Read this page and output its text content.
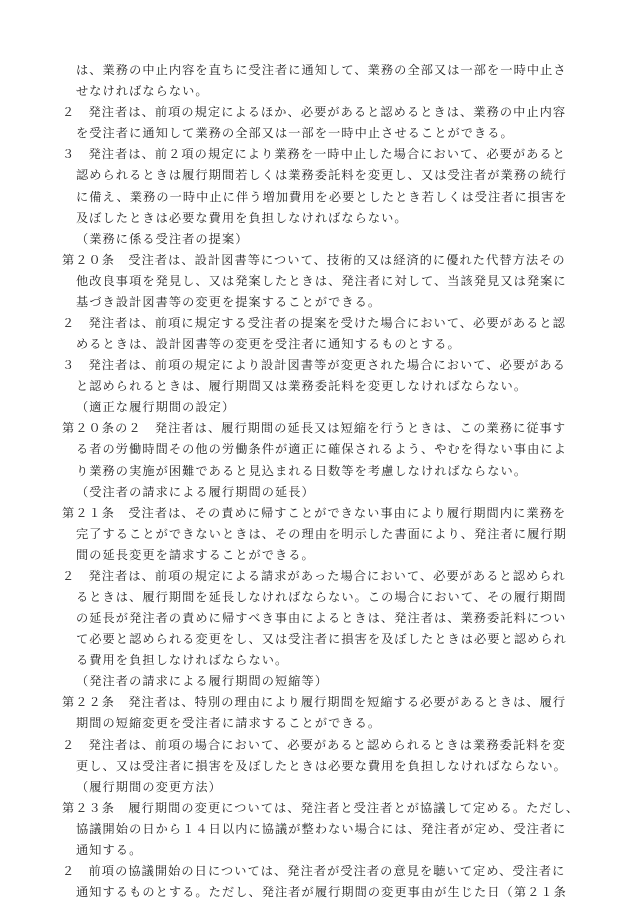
は、業務の中止内容を直ちに受注者に通知して、業務の全部又は一部を一時中止さ
せなければならない。
２　発注者は、前項の規定によるほか、必要があると認めるときは、業務の中止内容
を受注者に通知して業務の全部又は一部を一時中止させることができる。
３　発注者は、前２項の規定により業務を一時中止した場合において、必要があると
認められるときは履行期間若しくは業務委託料を変更し、又は受注者が業務の続行
に備え、業務の一時中止に伴う増加費用を必要としたとき若しくは受注者に損害を
及ぼしたときは必要な費用を負担しなければならない。
（業務に係る受注者の提案）
第２０条　受注者は、設計図書等について、技術的又は経済的に優れた代替方法その
他改良事項を発見し、又は発案したときは、発注者に対して、当該発見又は発案に
基づき設計図書等の変更を提案することができる。
２　発注者は、前項に規定する受注者の提案を受けた場合において、必要があると認
めるときは、設計図書等の変更を受注者に通知するものとする。
３　発注者は、前項の規定により設計図書等が変更された場合において、必要がある
と認められるときは、履行期間又は業務委託料を変更しなければならない。
（適正な履行期間の設定）
第２０条の２　発注者は、履行期間の延長又は短縮を行うときは、この業務に従事す
る者の労働時間その他の労働条件が適正に確保されるよう、やむを得ない事由によ
り業務の実施が困難であると見込まれる日数等を考慮しなければならない。
（受注者の請求による履行期間の延長）
第２１条　受注者は、その責めに帰すことができない事由により履行期間内に業務を
完了することができないときは、その理由を明示した書面により、発注者に履行期
間の延長変更を請求することができる。
２　発注者は、前項の規定による請求があった場合において、必要があると認められ
るときは、履行期間を延長しなければならない。この場合において、その履行期間
の延長が発注者の責めに帰すべき事由によるときは、発注者は、業務委託料につい
て必要と認められる変更をし、又は受注者に損害を及ぼしたときは必要と認められ
る費用を負担しなければならない。
（発注者の請求による履行期間の短縮等）
第２２条　発注者は、特別の理由により履行期間を短縮する必要があるときは、履行
期間の短縮変更を受注者に請求することができる。
２　発注者は、前項の場合において、必要があると認められるときは業務委託料を変
更し、又は受注者に損害を及ぼしたときは必要な費用を負担しなければならない。
（履行期間の変更方法）
第２３条　履行期間の変更については、発注者と受注者とが協議して定める。ただし、
協議開始の日から１４日以内に協議が整わない場合には、発注者が定め、受注者に
通知する。
２　前項の協議開始の日については、発注者が受注者の意見を聴いて定め、受注者に
通知するものとする。ただし、発注者が履行期間の変更事由が生じた日（第２１条
